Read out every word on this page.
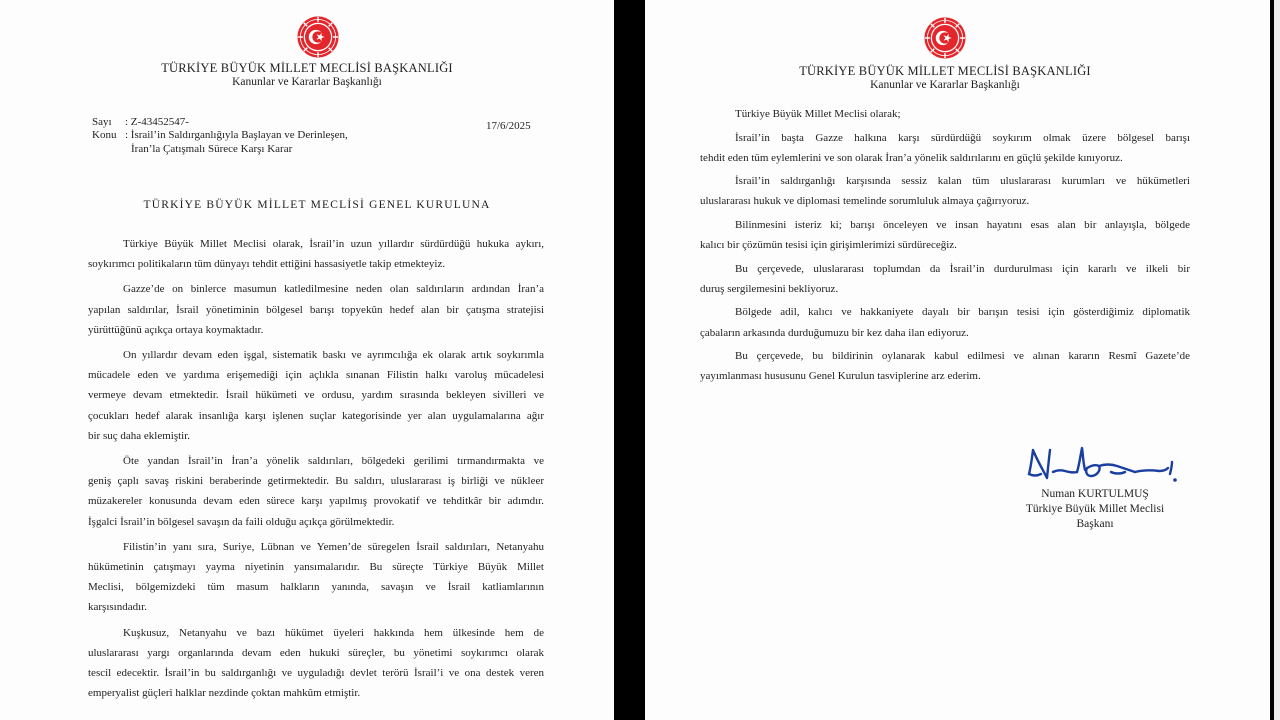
TÜRKİYE BÜYÜK MİLLET MECLİSİ BAŞKANLIĞI
Kanunlar ve Kararlar Başkanlığı
Sayı : Z-43452547-
Konu : İsrail’in Saldırganlığıyla Başlayan ve Derinleşen,
İran’la Çatışmalı Sürece Karşı Karar
17/6/2025
TÜRKİYE BÜYÜK MİLLET MECLİSİ GENEL KURULUNA

Türkiye Büyük Millet Meclisi olarak, İsrail’in uzun yıllardır sürdürdüğü hukuka aykırı,
soykırımcı politikaların tüm dünyayı tehdit ettiğini hassasiyetle takip etmekteyiz.

Gazze’de on binlerce masumun katledilmesine neden olan saldırıların ardından İran’a
yapılan saldırılar, İsrail yönetiminin bölgesel barışı topyekûn hedef alan bir çatışma stratejisi
yürüttüğünü açıkça ortaya koymaktadır.

On yıllardır devam eden işgal, sistematik baskı ve ayrımcılığa ek olarak artık soykırımla
mücadele eden ve yardıma erişemediği için açlıkla sınanan Filistin halkı varoluş mücadelesi
vermeye devam etmektedir. İsrail hükümeti ve ordusu, yardım sırasında bekleyen sivilleri ve
çocukları hedef alarak insanlığa karşı işlenen suçlar kategorisinde yer alan uygulamalarına ağır
bir suç daha eklemiştir.

Öte yandan İsrail’in İran’a yönelik saldırıları, bölgedeki gerilimi tırmandırmakta ve
geniş çaplı savaş riskini beraberinde getirmektedir. Bu saldırı, uluslararası iş birliği ve nükleer
müzakereler konusunda devam eden sürece karşı yapılmış provokatif ve tehditkâr bir adımdır.
İşgalci İsrail’in bölgesel savaşın da faili olduğu açıkça görülmektedir.

Filistin’in yanı sıra, Suriye, Lübnan ve Yemen’de süregelen İsrail saldırıları, Netanyahu
hükümetinin çatışmayı yayma niyetinin yansımalarıdır. Bu süreçte Türkiye Büyük Millet
Meclisi, bölgemizdeki tüm masum halkların yanında, savaşın ve İsrail katliamlarının
karşısındadır.

Kuşkusuz, Netanyahu ve bazı hükümet üyeleri hakkında hem ülkesinde hem de
uluslararası yargı organlarında devam eden hukuki süreçler, bu yönetimi soykırımcı olarak
tescil edecektir. İsrail’in bu saldırganlığı ve uyguladığı devlet terörü İsrail’i ve ona destek veren
emperyalist güçleri halklar nezdinde çoktan mahkûm etmiştir.

TÜRKİYE BÜYÜK MİLLET MECLİSİ BAŞKANLIĞI
Kanunlar ve Kararlar Başkanlığı
Numan KURTULMUŞ
Türkiye Büyük Millet Meclisi
Başkanı

Türkiye Büyük Millet Meclisi olarak;

İsrail’in başta Gazze halkına karşı sürdürdüğü soykırım olmak üzere bölgesel barışı
tehdit eden tüm eylemlerini ve son olarak İran’a yönelik saldırılarını en güçlü şekilde kınıyoruz.

İsrail’in saldırganlığı karşısında sessiz kalan tüm uluslararası kurumları ve hükümetleri
uluslararası hukuk ve diplomasi temelinde sorumluluk almaya çağırıyoruz.

Bilinmesini isteriz ki; barışı önceleyen ve insan hayatını esas alan bir anlayışla, bölgede
kalıcı bir çözümün tesisi için girişimlerimizi sürdüreceğiz.

Bu çerçevede, uluslararası toplumdan da İsrail’in durdurulması için kararlı ve ilkeli bir
duruş sergilemesini bekliyoruz.

Bölgede adil, kalıcı ve hakkaniyete dayalı bir barışın tesisi için gösterdiğimiz diplomatik
çabaların arkasında durduğumuzu bir kez daha ilan ediyoruz.

Bu çerçevede, bu bildirinin oylanarak kabul edilmesi ve alınan kararın Resmî Gazete’de
yayımlanması hususunu Genel Kurulun tasviplerine arz ederim.
